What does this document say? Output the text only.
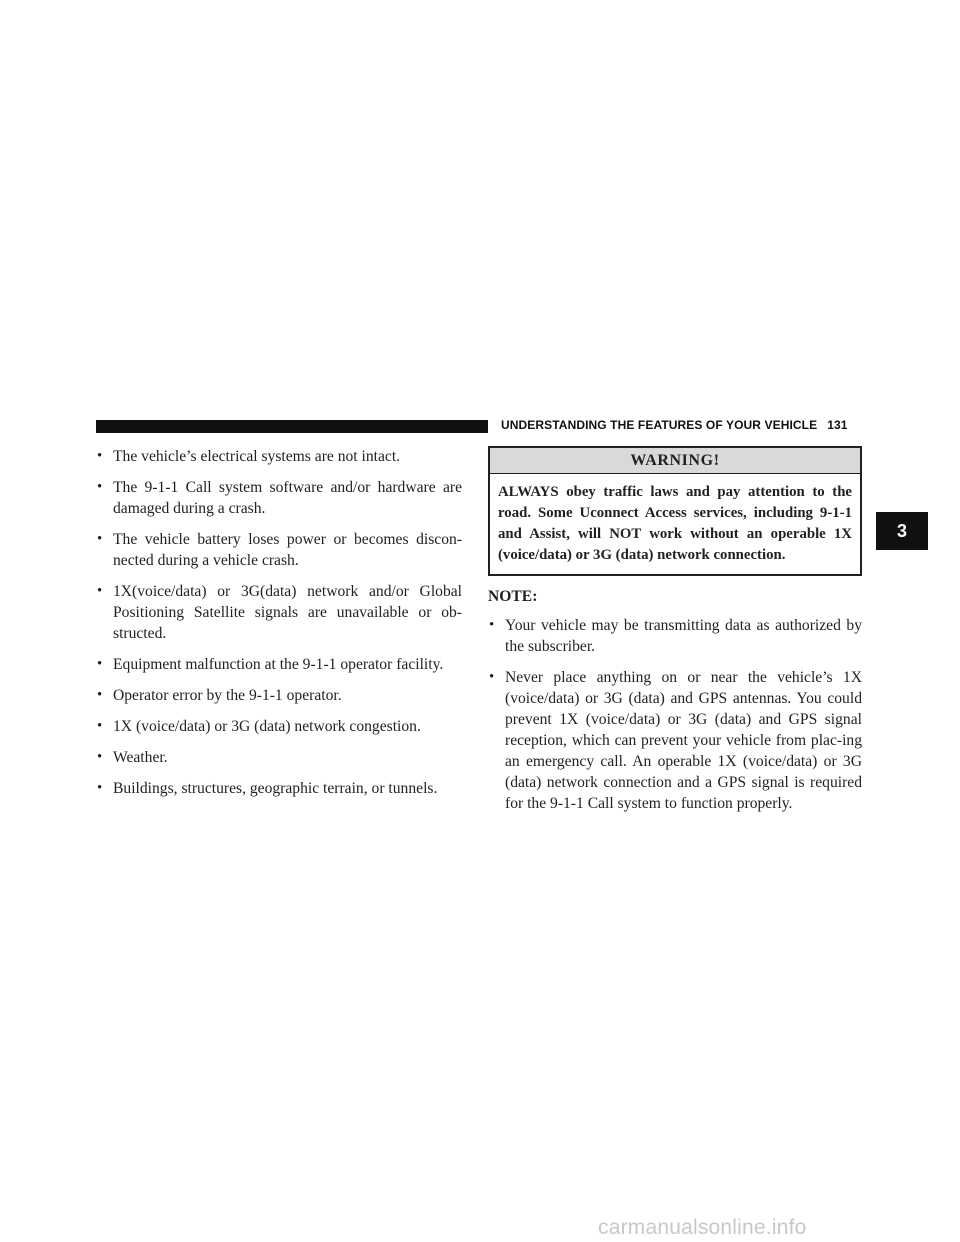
UNDERSTANDING THE FEATURES OF YOUR VEHICLE 131
• The vehicle’s electrical systems are not intact.
• The 9-1-1 Call system software and/or hardware are damaged during a crash.
• The vehicle battery loses power or becomes discon-nected during a vehicle crash.
• 1X(voice/data) or 3G(data) network and/or Global Positioning Satellite signals are unavailable or ob-structed.
• Equipment malfunction at the 9-1-1 operator facility.
• Operator error by the 9-1-1 operator.
• 1X (voice/data) or 3G (data) network congestion.
• Weather.
• Buildings, structures, geographic terrain, or tunnels.
WARNING!
ALWAYS obey traffic laws and pay attention to the road. Some Uconnect Access services, including 9-1-1 and Assist, will NOT work without an operable 1X (voice/data) or 3G (data) network connection.
NOTE:
• Your vehicle may be transmitting data as authorized by the subscriber.
• Never place anything on or near the vehicle’s 1X (voice/data) or 3G (data) and GPS antennas. You could prevent 1X (voice/data) or 3G (data) and GPS signal reception, which can prevent your vehicle from plac-ing an emergency call. An operable 1X (voice/data) or 3G (data) network connection and a GPS signal is required for the 9-1-1 Call system to function properly.
3
carmanualsonline.info
